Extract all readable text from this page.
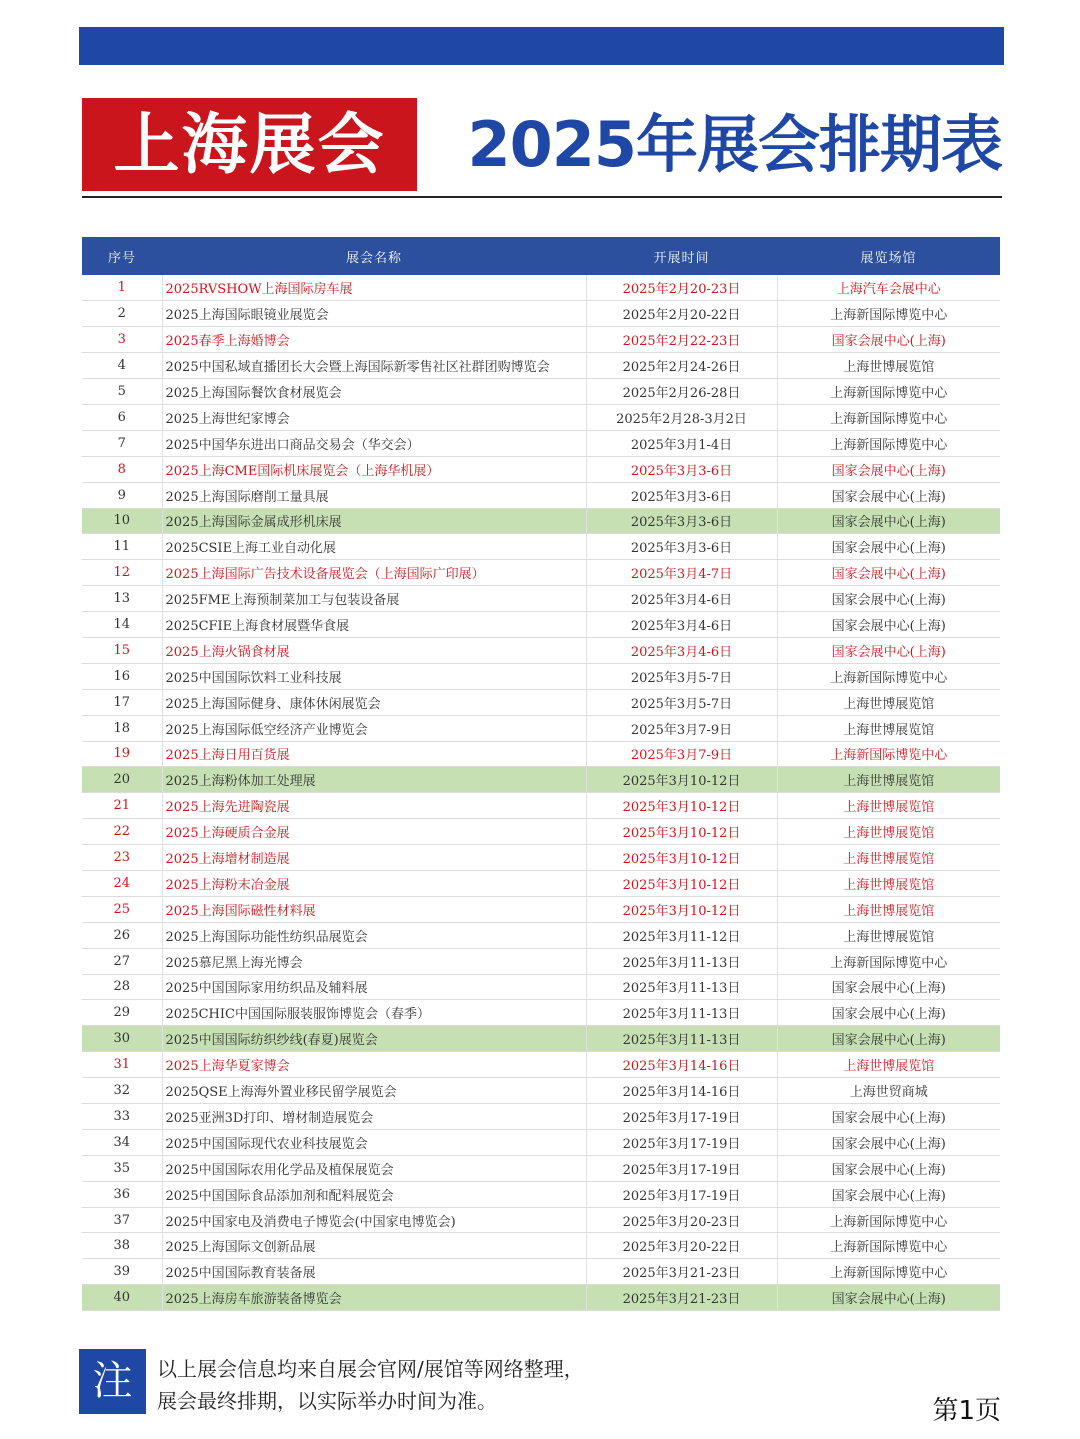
上海展会	2025年展会排期表
序号	展会名称	开展时间	展览场馆
1	2025RVSHOW上海国际房车展	2025年2月20-23日	上海汽车会展中心
2	2025上海国际眼镜业展览会	2025年2月20-22日	上海新国际博览中心
3	2025春季上海婚博会	2025年2月22-23日	国家会展中心(上海)
4	2025中国私域直播团长大会暨上海国际新零售社区社群团购博览会	2025年2月24-26日	上海世博展览馆
5	2025上海国际餐饮食材展览会	2025年2月26-28日	上海新国际博览中心
6	2025上海世纪家博会	2025年2月28-3月2日	上海新国际博览中心
7	2025中国华东进出口商品交易会（华交会）	2025年3月1-4日	上海新国际博览中心
8	2025上海CME国际机床展览会（上海华机展）	2025年3月3-6日	国家会展中心(上海)
9	2025上海国际磨削工量具展	2025年3月3-6日	国家会展中心(上海)
10	2025上海国际金属成形机床展	2025年3月3-6日	国家会展中心(上海)
11	2025CSIE上海工业自动化展	2025年3月3-6日	国家会展中心(上海)
12	2025上海国际广告技术设备展览会（上海国际广印展）	2025年3月4-7日	国家会展中心(上海)
13	2025FME上海预制菜加工与包装设备展	2025年3月4-6日	国家会展中心(上海)
14	2025CFIE上海食材展暨华食展	2025年3月4-6日	国家会展中心(上海)
15	2025上海火锅食材展	2025年3月4-6日	国家会展中心(上海)
16	2025中国国际饮料工业科技展	2025年3月5-7日	上海新国际博览中心
17	2025上海国际健身、康体休闲展览会	2025年3月5-7日	上海世博展览馆
18	2025上海国际低空经济产业博览会	2025年3月7-9日	上海世博展览馆
19	2025上海日用百货展	2025年3月7-9日	上海新国际博览中心
20	2025上海粉体加工处理展	2025年3月10-12日	上海世博展览馆
21	2025上海先进陶瓷展	2025年3月10-12日	上海世博展览馆
22	2025上海硬质合金展	2025年3月10-12日	上海世博展览馆
23	2025上海增材制造展	2025年3月10-12日	上海世博展览馆
24	2025上海粉末冶金展	2025年3月10-12日	上海世博展览馆
25	2025上海国际磁性材料展	2025年3月10-12日	上海世博展览馆
26	2025上海国际功能性纺织品展览会	2025年3月11-12日	上海世博展览馆
27	2025慕尼黑上海光博会	2025年3月11-13日	上海新国际博览中心
28	2025中国国际家用纺织品及辅料展	2025年3月11-13日	国家会展中心(上海)
29	2025CHIC中国国际服装服饰博览会（春季）	2025年3月11-13日	国家会展中心(上海)
30	2025中国国际纺织纱线(春夏)展览会	2025年3月11-13日	国家会展中心(上海)
31	2025上海华夏家博会	2025年3月14-16日	上海世博展览馆
32	2025QSE上海海外置业移民留学展览会	2025年3月14-16日	上海世贸商城
33	2025亚洲3D打印、增材制造展览会	2025年3月17-19日	国家会展中心(上海)
34	2025中国国际现代农业科技展览会	2025年3月17-19日	国家会展中心(上海)
35	2025中国国际农用化学品及植保展览会	2025年3月17-19日	国家会展中心(上海)
36	2025中国国际食品添加剂和配料展览会	2025年3月17-19日	国家会展中心(上海)
37	2025中国家电及消费电子博览会(中国家电博览会)	2025年3月20-23日	上海新国际博览中心
38	2025上海国际文创新品展	2025年3月20-22日	上海新国际博览中心
39	2025中国国际教育装备展	2025年3月21-23日	上海新国际博览中心
40	2025上海房车旅游装备博览会	2025年3月21-23日	国家会展中心(上海)
注	以上展会信息均来自展会官网/展馆等网络整理，
展会最终排期，以实际举办时间为准。	第1页
